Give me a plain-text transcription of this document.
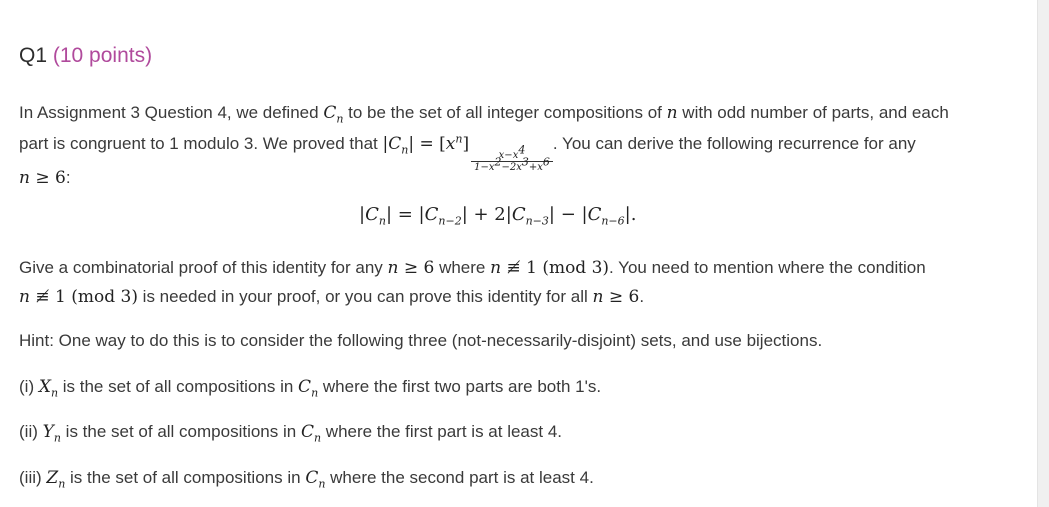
Q1 (10 points)
In Assignment 3 Question 4, we defined $C_n$ to be the set of all integer compositions of n with odd number of parts, and each
part is congruent to 1 modulo 3. We proved that $|C_n| = [x^n]$
$\frac{x-x^4}{1-x^2-2x^3+x^6}$
. You can derive the following recurrence for any
n ≥ 6:
$|C_n| = |C_{n-2}| + 2|C_{n-3}| - |C_{n-6}|$.
Give a combinatorial proof of this identity for any n ≥ 6 where n ≢ 1 (mod 3). You need to mention where the condition
n ≢ 1 (mod 3) is needed in your proof, or you can prove this identity for all n ≥ 6.
Hint: One way to do this is to consider the following three (not-necessarily-disjoint) sets, and use bijections.
(i) $X_n$ is the set of all compositions in $C_n$ where the first two parts are both 1's.
(ii) $Y_n$ is the set of all compositions in $C_n$ where the first part is at least 4.
(iii) $Z_n$ is the set of all compositions in $C_n$ where the second part is at least 4.
